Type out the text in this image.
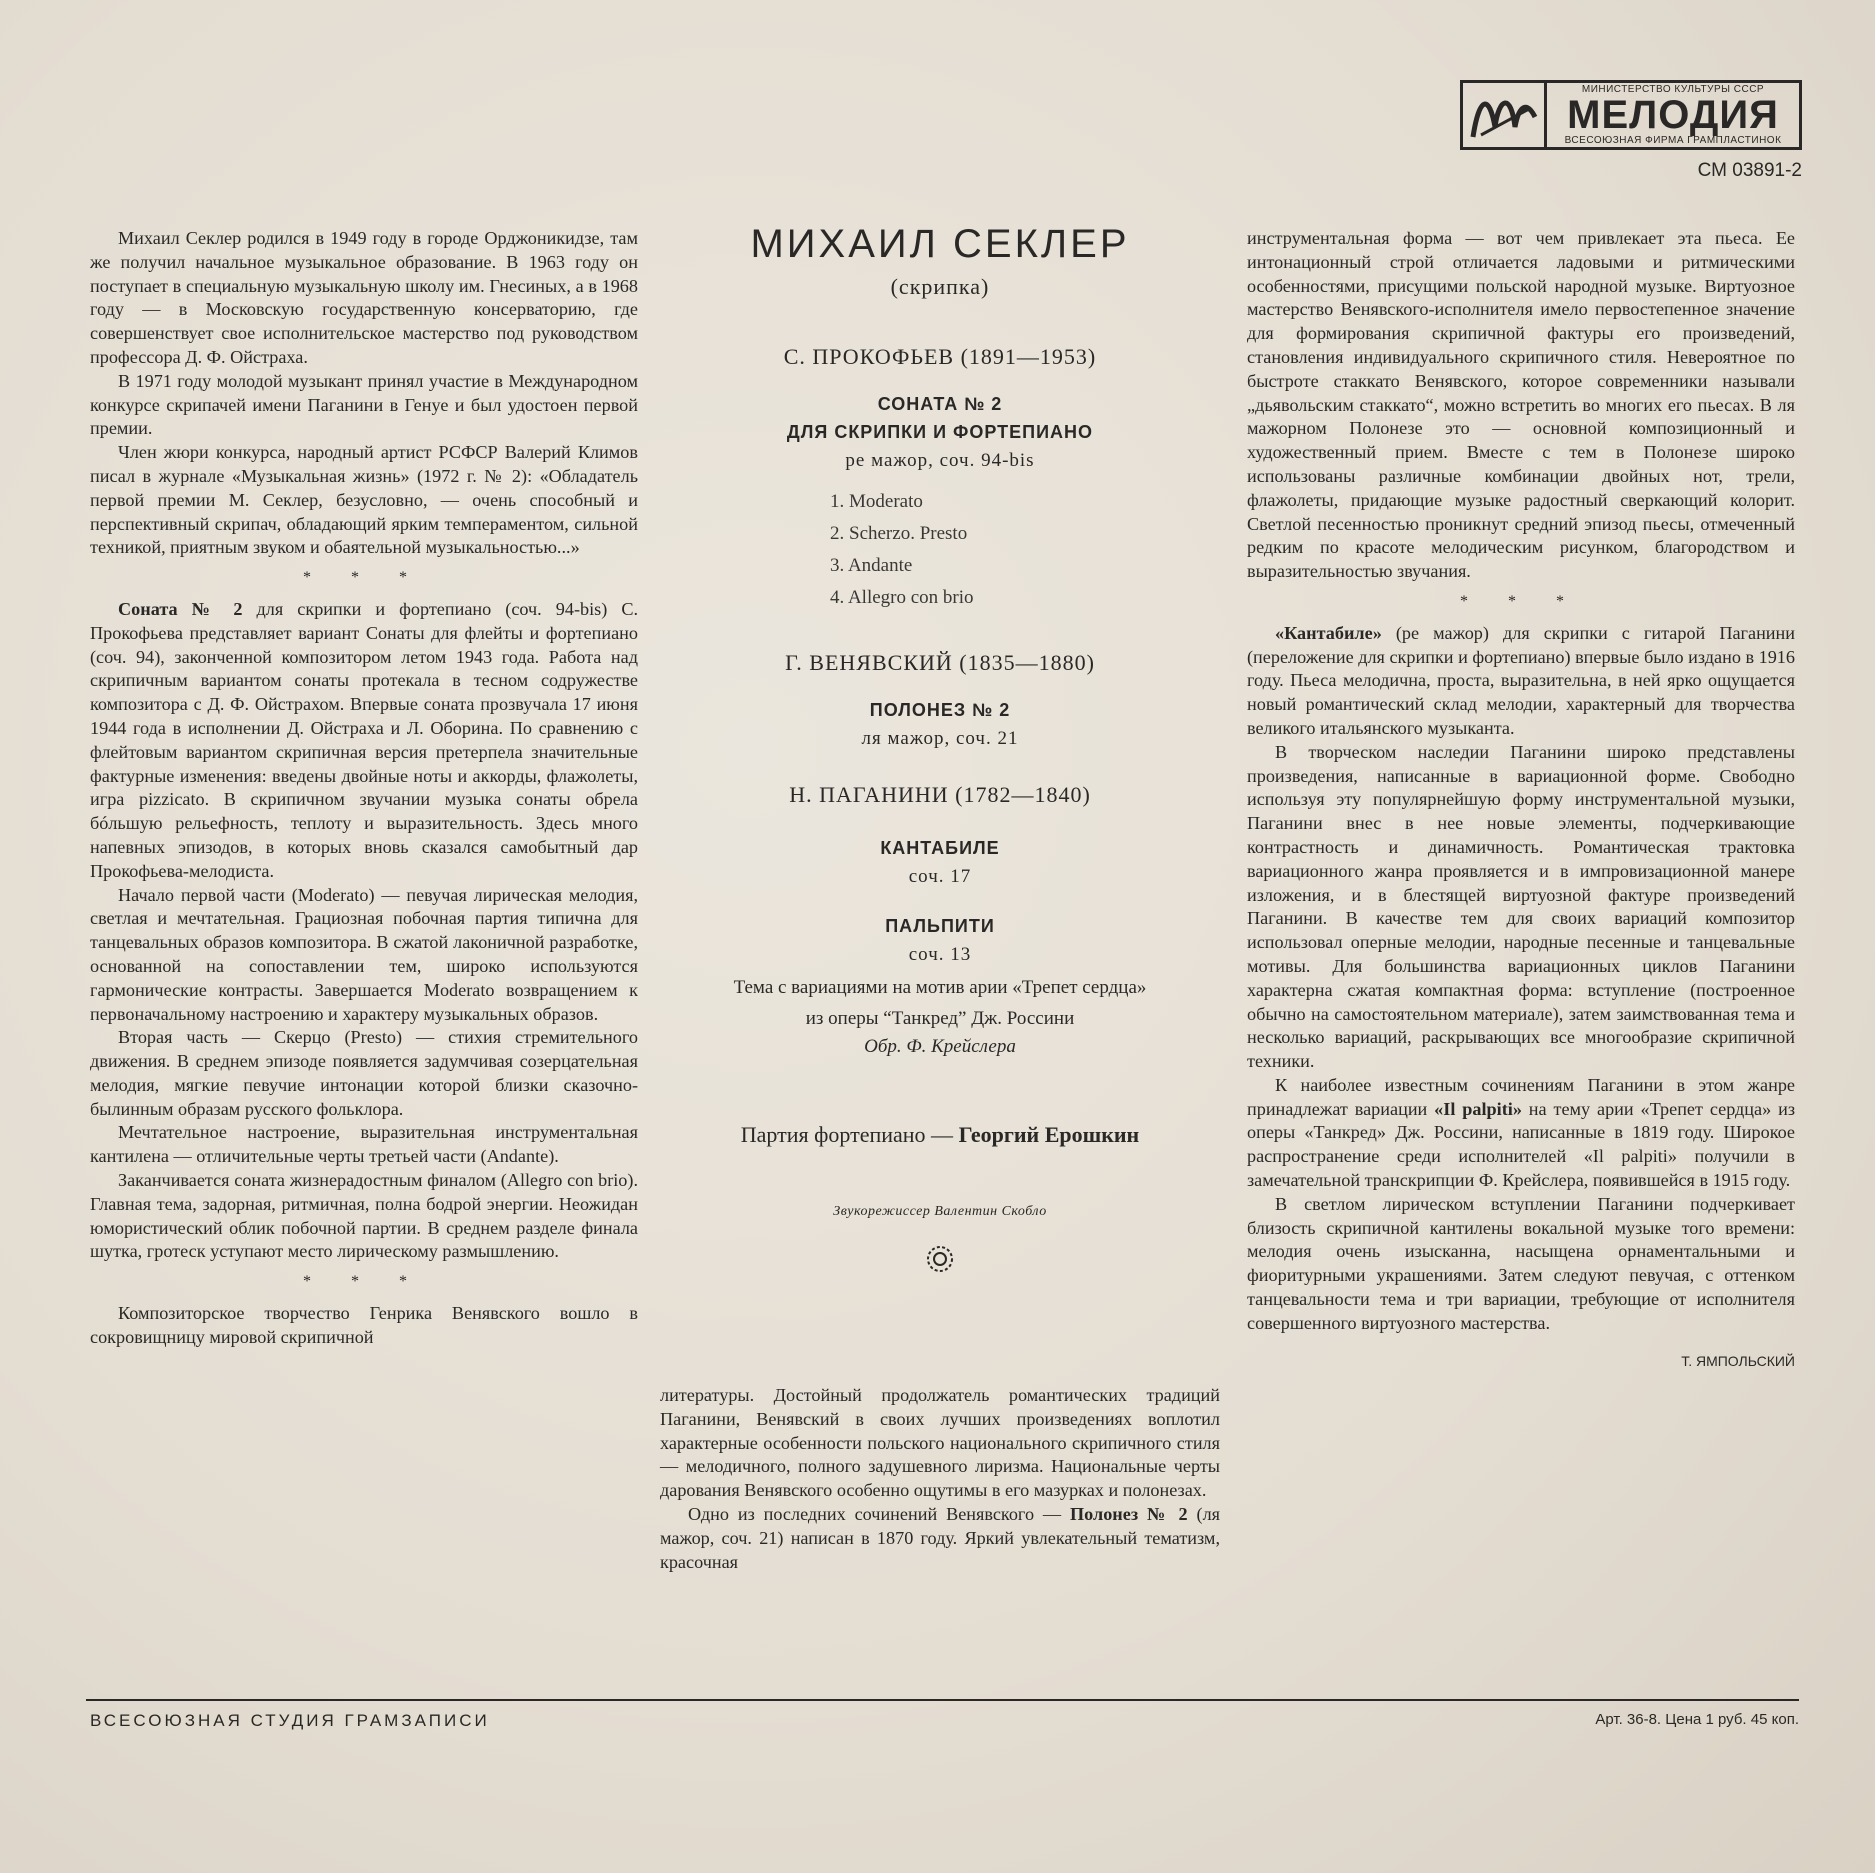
МИНИСТЕРСТВО КУЛЬТУРЫ СССР
МЕЛОДИЯ
ВСЕСОЮЗНАЯ ФИРМА ГРАМПЛАСТИНОК
СМ 03891-2

Михаил Секлер родился в 1949 году в городе Орджоникидзе, там же получил начальное музыкальное образование. В 1963 году он поступает в специальную музыкальную школу им. Гнесиных, а в 1968 году — в Московскую государственную консерваторию, где совершенствует свое исполнительское мастерство под руководством профессора Д. Ф. Ойстраха.

В 1971 году молодой музыкант принял участие в Международном конкурсе скрипачей имени Паганини в Генуе и был удостоен первой премии.

Член жюри конкурса, народный артист РСФСР Валерий Климов писал в журнале «Музыкальная жизнь» (1972 г. № 2): «Обладатель первой премии М. Секлер, безусловно, — очень способный и перспективный скрипач, обладающий ярким темпераментом, сильной техникой, приятным звуком и обаятельной музыкальностью...»

* * *

Соната № 2 для скрипки и фортепиано (соч. 94-bis) С. Прокофьева представляет вариант Сонаты для флейты и фортепиано (соч. 94), законченной композитором летом 1943 года. Работа над скрипичным вариантом сонаты протекала в тесном содружестве композитора с Д. Ф. Ойстрахом. Впервые соната прозвучала 17 июня 1944 года в исполнении Д. Ойстраха и Л. Оборина. По сравнению с флейтовым вариантом скрипичная версия претерпела значительные фактурные изменения: введены двойные ноты и аккорды, флажолеты, игра pizzicato. В скрипичном звучании музыка сонаты обрела бóльшую рельефность, теплоту и выразительность. Здесь много напевных эпизодов, в которых вновь сказался самобытный дар Прокофьева-мелодиста.

Начало первой части (Moderato) — певучая лирическая мелодия, светлая и мечтательная. Грациозная побочная партия типична для танцевальных образов композитора. В сжатой лаконичной разработке, основанной на сопоставлении тем, широко используются гармонические контрасты. Завершается Moderato возвращением к первоначальному настроению и характеру музыкальных образов.

Вторая часть — Скерцо (Presto) — стихия стремительного движения. В среднем эпизоде появляется задумчивая созерцательная мелодия, мягкие певучие интонации которой близки сказочно-былинным образам русского фольклора.

Мечтательное настроение, выразительная инструментальная кантилена — отличительные черты третьей части (Andante).

Заканчивается соната жизнерадостным финалом (Allegro con brio). Главная тема, задорная, ритмичная, полна бодрой энергии. Неожидан юмористический облик побочной партии. В среднем разделе финала шутка, гротеск уступают место лирическому размышлению.

* * *

Композиторское творчество Генрика Венявского вошло в сокровищницу мировой скрипичной

МИХАИЛ СЕКЛЕР
(скрипка)
С. ПРОКОФЬЕВ (1891—1953)
СОНАТА № 2
ДЛЯ СКРИПКИ И ФОРТЕПИАНО
ре мажор, соч. 94-bis
1. Moderato
2. Scherzo. Presto
3. Andante
4. Allegro con brio
Г. ВЕНЯВСКИЙ (1835—1880)
ПОЛОНЕЗ № 2
ля мажор, соч. 21
Н. ПАГАНИНИ (1782—1840)
КАНТАБИЛЕ
соч. 17
ПАЛЬПИТИ
соч. 13
Тема с вариациями на мотив арии «Трепет сердца»
из оперы “Танкред” Дж. Россини
Обр. Ф. Крейслера
Партия фортепиано — Георгий Ерошкин
Звукорежиссер Валентин Скобло

литературы. Достойный продолжатель романтических традиций Паганини, Венявский в своих лучших произведениях воплотил характерные особенности польского национального скрипичного стиля — мелодичного, полного задушевного лиризма. Национальные черты дарования Венявского особенно ощутимы в его мазурках и полонезах.

Одно из последних сочинений Венявского — Полонез № 2 (ля мажор, соч. 21) написан в 1870 году. Яркий увлекательный тематизм, красочная

инструментальная форма — вот чем привлекает эта пьеса. Ее интонационный строй отличается ладовыми и ритмическими особенностями, присущими польской народной музыке. Виртуозное мастерство Венявского-исполнителя имело первостепенное значение для формирования скрипичной фактуры его произведений, становления индивидуального скрипичного стиля. Невероятное по быстроте стаккато Венявского, которое современники называли „дьявольским стаккато“, можно встретить во многих его пьесах. В ля мажорном Полонезе это — основной композиционный и художественный прием. Вместе с тем в Полонезе широко использованы различные комбинации двойных нот, трели, флажолеты, придающие музыке радостный сверкающий колорит. Светлой песенностью проникнут средний эпизод пьесы, отмеченный редким по красоте мелодическим рисунком, благородством и выразительностью звучания.

* * *

«Кантабиле» (ре мажор) для скрипки с гитарой Паганини (переложение для скрипки и фортепиано) впервые было издано в 1916 году. Пьеса мелодична, проста, выразительна, в ней ярко ощущается новый романтический склад мелодии, характерный для творчества великого итальянского музыканта.

В творческом наследии Паганини широко представлены произведения, написанные в вариационной форме. Свободно используя эту популярнейшую форму инструментальной музыки, Паганини внес в нее новые элементы, подчеркивающие контрастность и динамичность. Романтическая трактовка вариационного жанра проявляется и в импровизационной манере изложения, и в блестящей виртуозной фактуре произведений Паганини. В качестве тем для своих вариаций композитор использовал оперные мелодии, народные песенные и танцевальные мотивы. Для большинства вариационных циклов Паганини характерна сжатая компактная форма: вступление (построенное обычно на самостоятельном материале), затем заимствованная тема и несколько вариаций, раскрывающих все многообразие скрипичной техники.

К наиболее известным сочинениям Паганини в этом жанре принадлежат вариации «Il palpiti» на тему арии «Трепет сердца» из оперы «Танкред» Дж. Россини, написанные в 1819 году. Широкое распространение среди исполнителей «Il palpiti» получили в замечательной транскрипции Ф. Крейслера, появившейся в 1915 году.

В светлом лирическом вступлении Паганини подчеркивает близость скрипичной кантилены вокальной музыке того времени: мелодия очень изысканна, насыщена орнаментальными и фиоритурными украшениями. Затем следуют певучая, с оттенком танцевальности тема и три вариации, требующие от исполнителя совершенного виртуозного мастерства.

Т. ЯМПОЛЬСКИЙ
ВСЕСОЮЗНАЯ СТУДИЯ ГРАМЗАПИСИ	Арт. 36-8. Цена 1 руб. 45 коп.
